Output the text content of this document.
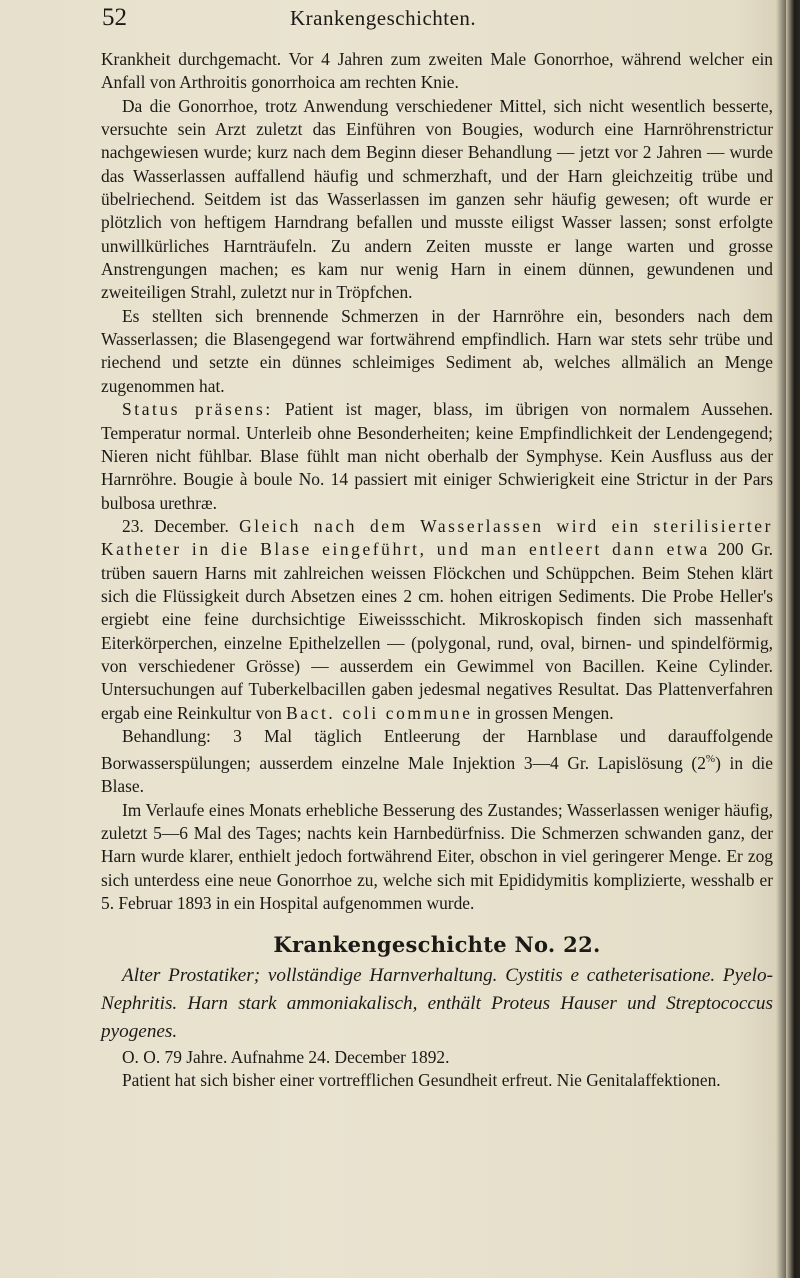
52	Krankengeschichten.

Krankheit durchgemacht. Vor 4 Jahren zum zweiten Male Gonorrhoe, während welcher ein Anfall von Arthroitis gonorrhoica am rechten Knie.

Da die Gonorrhoe, trotz Anwendung verschiedener Mittel, sich nicht wesentlich besserte, versuchte sein Arzt zuletzt das Einführen von Bougies, wodurch eine Harnröhrenstrictur nachgewiesen wurde; kurz nach dem Beginn dieser Behandlung — jetzt vor 2 Jahren — wurde das Wasserlassen auffallend häufig und schmerzhaft, und der Harn gleichzeitig trübe und übelriechend. Seitdem ist das Wasserlassen im ganzen sehr häufig gewesen; oft wurde er plötzlich von heftigem Harndrang befallen und musste eiligst Wasser lassen; sonst erfolgte unwillkürliches Harnträufeln. Zu andern Zeiten musste er lange warten und grosse Anstrengungen machen; es kam nur wenig Harn in einem dünnen, gewundenen und zweiteiligen Strahl, zuletzt nur in Tröpfchen.

Es stellten sich brennende Schmerzen in der Harnröhre ein, besonders nach dem Wasserlassen; die Blasengegend war fortwährend empfindlich. Harn war stets sehr trübe und riechend und setzte ein dünnes schleimiges Sediment ab, welches allmälich an Menge zugenommen hat.

Status präsens: Patient ist mager, blass, im übrigen von normalem Aussehen. Temperatur normal. Unterleib ohne Besonderheiten; keine Empfindlichkeit der Lendengegend; Nieren nicht fühlbar. Blase fühlt man nicht oberhalb der Symphyse. Kein Ausfluss aus der Harnröhre. Bougie à boule No. 14 passiert mit einiger Schwierigkeit eine Strictur in der Pars bulbosa urethræ.

23. December. Gleich nach dem Wasserlassen wird ein sterilisierter Katheter in die Blase eingeführt, und man entleert dann etwa 200 Gr. trüben sauern Harns mit zahlreichen weissen Flöckchen und Schüppchen. Beim Stehen klärt sich die Flüssigkeit durch Absetzen eines 2 cm. hohen eitrigen Sediments. Die Probe Heller's ergiebt eine feine durchsichtige Eiweissschicht. Mikroskopisch finden sich massenhaft Eiterkörperchen, einzelne Epithelzellen — (polygonal, rund, oval, birnen- und spindelförmig, von verschiedener Grösse) — ausserdem ein Gewimmel von Bacillen. Keine Cylinder. Untersuchungen auf Tuberkelbacillen gaben jedesmal negatives Resultat. Das Plattenverfahren ergab eine Reinkultur von Bact. coli commune in grossen Mengen.

Behandlung: 3 Mal täglich Entleerung der Harnblase und darauffolgende Borwasserspülungen; ausserdem einzelne Male Injektion 3—4 Gr. Lapislösung (2%) in die Blase.

Im Verlaufe eines Monats erhebliche Besserung des Zustandes; Wasserlassen weniger häufig, zuletzt 5—6 Mal des Tages; nachts kein Harnbedürfniss. Die Schmerzen schwanden ganz, der Harn wurde klarer, enthielt jedoch fortwährend Eiter, obschon in viel geringerer Menge. Er zog sich unterdess eine neue Gonorrhoe zu, welche sich mit Epididymitis komplizierte, wesshalb er 5. Februar 1893 in ein Hospital aufgenommen wurde.

Krankengeschichte No. 22.

Alter Prostatiker; vollständige Harnverhaltung. Cystitis e catheterisatione. Pyelo-Nephritis. Harn stark ammoniakalisch, enthält Proteus Hauser und Streptococcus pyogenes.

O. O. 79 Jahre. Aufnahme 24. December 1892.

Patient hat sich bisher einer vortrefflichen Gesundheit erfreut. Nie Genitalaffektionen.
